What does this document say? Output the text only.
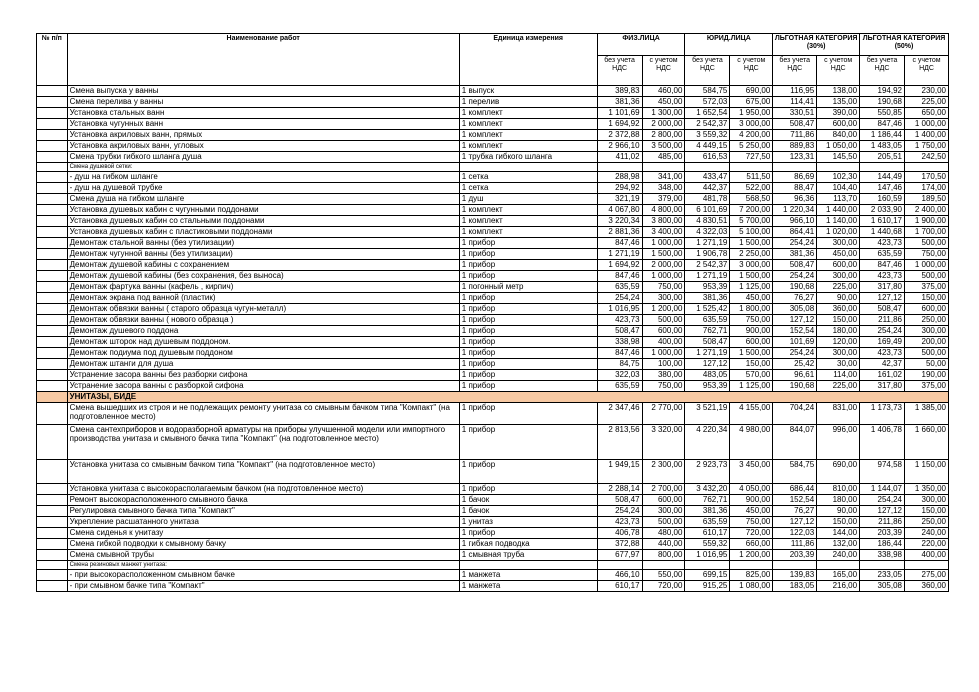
№ п/п	Наименование работ	Единица измерения	ФИЗ.ЛИЦА		ЮРИД.ЛИЦА		ЛЬГОТНАЯ КАТЕГОРИЯ (30%)		ЛЬГОТНАЯ КАТЕГОРИЯ (50%)	
			без учета НДС	с учетом НДС	без учета НДС	с учетом НДС	без учета НДС	с учетом НДС	без учета НДС	с учетом НДС
	Смена выпуска у ванны	1 выпуск	389,83	460,00	584,75	690,00	116,95	138,00	194,92	230,00
	Смена перелива у ванны	1 перелив	381,36	450,00	572,03	675,00	114,41	135,00	190,68	225,00
	Установка стальных ванн	1 комплект	1 101,69	1 300,00	1 652,54	1 950,00	330,51	390,00	550,85	650,00
	Установка чугунных ванн	1 комплект	1 694,92	2 000,00	2 542,37	3 000,00	508,47	600,00	847,46	1 000,00
	Установка акриловых ванн, прямых	1 комплект	2 372,88	2 800,00	3 559,32	4 200,00	711,86	840,00	1 186,44	1 400,00
	Установка акриловых ванн, угловых	1 комплект	2 966,10	3 500,00	4 449,15	5 250,00	889,83	1 050,00	1 483,05	1 750,00
	Смена трубки гибкого шланга душа	1 трубка гибкого шланга	411,02	485,00	616,53	727,50	123,31	145,50	205,51	242,50
	Смена душевой сетки:									
	- душ на гибком шланге	1 сетка	288,98	341,00	433,47	511,50	86,69	102,30	144,49	170,50
	- душ на душевой трубке	1 сетка	294,92	348,00	442,37	522,00	88,47	104,40	147,46	174,00
	Смена душа на гибком шланге	1 душ	321,19	379,00	481,78	568,50	96,36	113,70	160,59	189,50
	Установка душевых кабин с чугунными поддонами	1 комплект	4 067,80	4 800,00	6 101,69	7 200,00	1 220,34	1 440,00	2 033,90	2 400,00
	Установка душевых кабин со стальными поддонами	1 комплект	3 220,34	3 800,00	4 830,51	5 700,00	966,10	1 140,00	1 610,17	1 900,00
	Установка душевых кабин с пластиковыми поддонами	1 комплект	2 881,36	3 400,00	4 322,03	5 100,00	864,41	1 020,00	1 440,68	1 700,00
	Демонтаж стальной ванны (без утилизации)	1 прибор	847,46	1 000,00	1 271,19	1 500,00	254,24	300,00	423,73	500,00
	Демонтаж чугунной ванны (без утилизации)	1 прибор	1 271,19	1 500,00	1 906,78	2 250,00	381,36	450,00	635,59	750,00
	Демонтаж душевой кабины с сохранением	1 прибор	1 694,92	2 000,00	2 542,37	3 000,00	508,47	600,00	847,46	1 000,00
	Демонтаж душевой кабины (без сохранения, без выноса)	1 прибор	847,46	1 000,00	1 271,19	1 500,00	254,24	300,00	423,73	500,00
	Демонтаж фартука ванны (кафель , кирпич)	1 погонный метр	635,59	750,00	953,39	1 125,00	190,68	225,00	317,80	375,00
	Демонтаж экрана под ванной (пластик)	1 прибор	254,24	300,00	381,36	450,00	76,27	90,00	127,12	150,00
	Демонтаж обвязки ванны ( старого образца чугун-металл)	1 прибор	1 016,95	1 200,00	1 525,42	1 800,00	305,08	360,00	508,47	600,00
	Демонтаж обвязки ванны ( нового образца )	1 прибор	423,73	500,00	635,59	750,00	127,12	150,00	211,86	250,00
	Демонтаж душевого поддона	1 прибор	508,47	600,00	762,71	900,00	152,54	180,00	254,24	300,00
	Демонтаж шторок над душевым поддоном.	1 прибор	338,98	400,00	508,47	600,00	101,69	120,00	169,49	200,00
	Демонтаж подиума под душевым поддоном	1 прибор	847,46	1 000,00	1 271,19	1 500,00	254,24	300,00	423,73	500,00
	Демонтаж штанги для душа	1 прибор	84,75	100,00	127,12	150,00	25,42	30,00	42,37	50,00
	Устранение засора ванны без разборки сифона	1 прибор	322,03	380,00	483,05	570,00	96,61	114,00	161,02	190,00
	Устранение засора ванны с разборкой сифона	1 прибор	635,59	750,00	953,39	1 125,00	190,68	225,00	317,80	375,00
	УНИТАЗЫ, БИДЕ									
	Смена вышедших из строя и не подлежащих ремонту унитаза со смывным бачком типа "Компакт" (на подготовленное место)	1 прибор	2 347,46	2 770,00	3 521,19	4 155,00	704,24	831,00	1 173,73	1 385,00
	Смена сантехприборов и водоразборной арматуры на приборы улучшенной модели или импортного производства унитаза и смывного бачка типа "Компакт" (на подготовленное место)	1 прибор	2 813,56	3 320,00	4 220,34	4 980,00	844,07	996,00	1 406,78	1 660,00
	Установка унитаза со смывным бачком типа "Компакт" (на подготовленное место)	1 прибор	1 949,15	2 300,00	2 923,73	3 450,00	584,75	690,00	974,58	1 150,00
	Установка унитаза с высокорасполагаемым бачком (на подготовленное место)	1 прибор	2 288,14	2 700,00	3 432,20	4 050,00	686,44	810,00	1 144,07	1 350,00
	Ремонт высокорасположенного смывного бачка	1 бачок	508,47	600,00	762,71	900,00	152,54	180,00	254,24	300,00
	Регулировка смывного бачка типа "Компакт"	1 бачок	254,24	300,00	381,36	450,00	76,27	90,00	127,12	150,00
	Укрепление расшатанного унитаза	1 унитаз	423,73	500,00	635,59	750,00	127,12	150,00	211,86	250,00
	Смена сиденья к унитазу	1 прибор	406,78	480,00	610,17	720,00	122,03	144,00	203,39	240,00
	Смена гибкой подводки к смывному бачку	1 гибкая подводка	372,88	440,00	559,32	660,00	111,86	132,00	186,44	220,00
	Смена смывной трубы	1 смывная труба	677,97	800,00	1 016,95	1 200,00	203,39	240,00	338,98	400,00
	Смена резиновых манжет унитаза:									
	- при высокорасположенном смывном бачке	1 манжета	466,10	550,00	699,15	825,00	139,83	165,00	233,05	275,00
	- при смывном бачке типа "Компакт"	1 манжета	610,17	720,00	915,25	1 080,00	183,05	216,00	305,08	360,00
